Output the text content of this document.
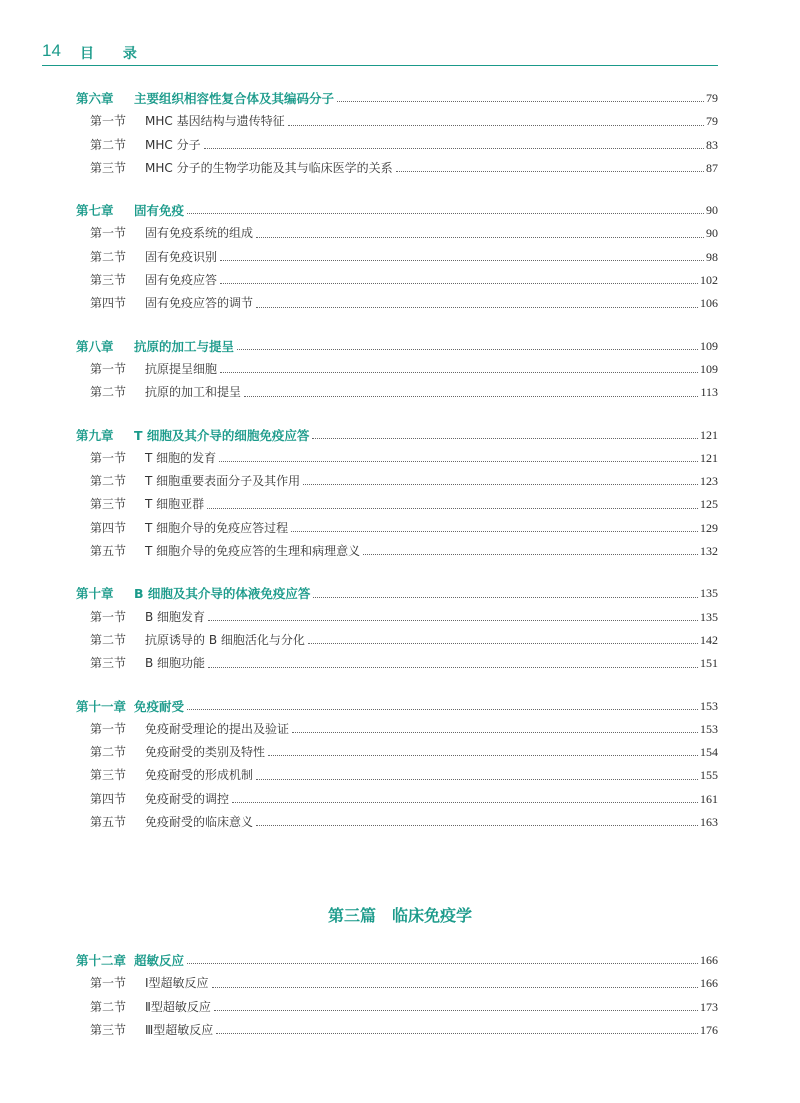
14 目 录
第六章 主要组织相容性复合体及其编码分子	79
第一节 MHC 基因结构与遗传特征	79
第二节 MHC 分子	83
第三节 MHC 分子的生物学功能及其与临床医学的关系	87
第七章 固有免疫	90
第一节 固有免疫系统的组成	90
第二节 固有免疫识别	98
第三节 固有免疫应答	102
第四节 固有免疫应答的调节	106
第八章 抗原的加工与提呈	109
第一节 抗原提呈细胞	109
第二节 抗原的加工和提呈	113
第九章 T 细胞及其介导的细胞免疫应答	121
第一节 T 细胞的发育	121
第二节 T 细胞重要表面分子及其作用	123
第三节 T 细胞亚群	125
第四节 T 细胞介导的免疫应答过程	129
第五节 T 细胞介导的免疫应答的生理和病理意义	132
第十章 B 细胞及其介导的体液免疫应答	135
第一节 B 细胞发育	135
第二节 抗原诱导的 B 细胞活化与分化	142
第三节 B 细胞功能	151
第十一章 免疫耐受	153
第一节 免疫耐受理论的提出及验证	153
第二节 免疫耐受的类别及特性	154
第三节 免疫耐受的形成机制	155
第四节 免疫耐受的调控	161
第五节 免疫耐受的临床意义	163
第三篇　临床免疫学
第十二章 超敏反应	166
第一节 Ⅰ型超敏反应	166
第二节 Ⅱ型超敏反应	173
第三节 Ⅲ型超敏反应	176
